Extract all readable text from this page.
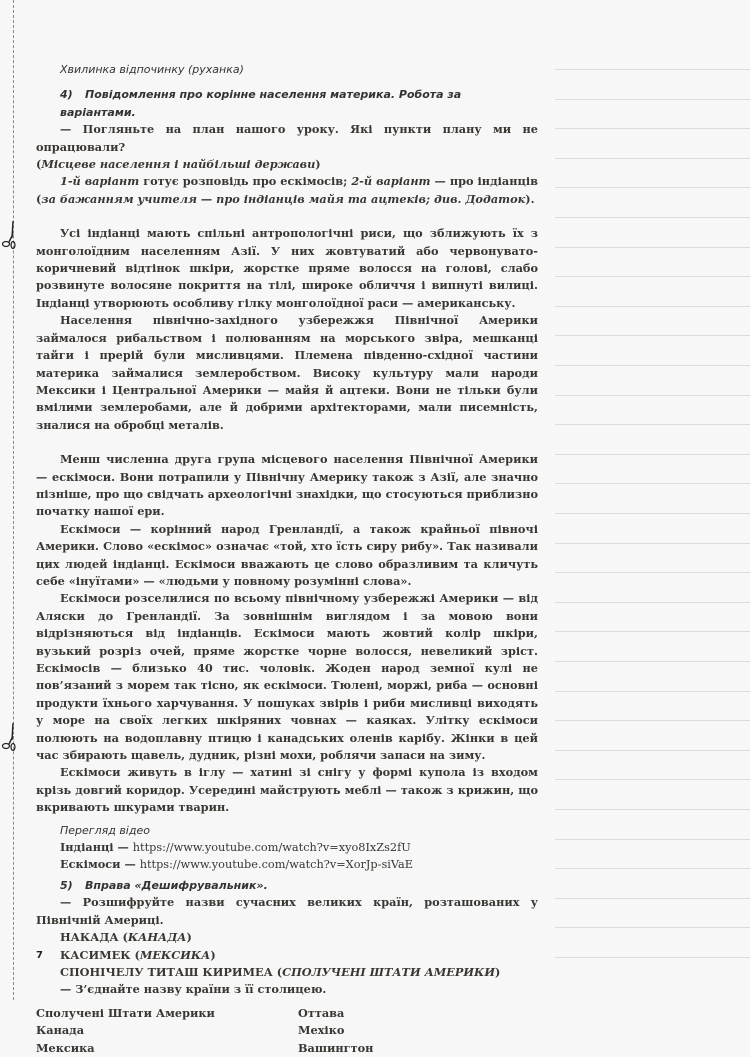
Хвилинка відпочинку (руханка)

4) Повідомлення про корінне населення материка. Робота за варіантами.

— Погляньте на план нашого уроку. Які пункти плану ми не опрацювали?

(Місцеве населення і найбільші держави)

1-й варіант готує розповідь про ескімосів; 2-й варіант — про індіанців (за бажанням учителя — про індіанців майя та ацтеків; див. Додаток).

Усі індіанці мають спільні антропологічні риси, що зближують їх з монголоїдним населенням Азії. У них жовтуватий або червонувато-коричневий відтінок шкіри, жорстке пряме волосся на голові, слабо розвинуте волосяне покриття на тілі, широке обличчя і випнуті вилиці. Індіанці утворюють особливу гілку монголоїдної раси — американську.

Населення північно-західного узбережжя Північної Америки займалося рибальством і полюванням на морського звіра, мешканці тайги і прерій були мисливцями. Племена південно-східної частини материка займалися землеробством. Високу культуру мали народи Мексики і Центральної Америки — майя й ацтеки. Вони не тільки були вмілими землеробами, але й добрими архітекторами, мали писемність, зналися на обробці металів.

Менш численна друга група місцевого населення Північної Америки — ескімоси. Вони потрапили у Північну Америку також з Азії, але значно пізніше, про що свідчать археологічні знахідки, що стосуються приблизно початку нашої ери.

Ескімоси — корінний народ Гренландії, а також крайньої півночі Америки. Слово «ескімос» означає «той, хто їсть сиру рибу». Так називали цих людей індіанці. Ескімоси вважають це слово образливим та кличуть себе «інуїтами» — «людьми у повному розумінні слова».

Ескімоси розселилися по всьому північному узбережжі Америки — від Аляски до Гренландії. За зовнішнім виглядом і за мовою вони відрізняються від індіанців. Ескімоси мають жовтий колір шкіри, вузький розріз очей, пряме жорстке чорне волосся, невеликий зріст. Ескімосів — близько 40 тис. чоловік. Жоден народ земної кулі не пов’язаний з морем так тісно, як ескімоси. Тюлені, моржі, риба — основні продукти їхнього харчування. У пошуках звірів і риби мисливці виходять у море на своїх легких шкіряних човнах — каяках. Улітку ескімоси полюють на водоплавну птицю і канадських оленів карібу. Жінки в цей час збирають щавель, дудник, різні мохи, роблячи запаси на зиму.

Ескімоси живуть в іглу — хатині зі снігу у формі купола із входом крізь довгий коридор. Усередині майструють меблі — також з крижин, що вкривають шкурами тварин.

Перегляд відео

Індіанці — https://www.youtube.com/watch?v=xyo8IxZs2fU

Ескімоси — https://www.youtube.com/watch?v=XorJp-siVaE

5) Вправа «Дешифрувальник».

— Розшифруйте назви сучасних великих країн, розташованих у Північній Америці.

НАКАДА (КАНАДА)

КАСИМЕК (МЕКСИКА)

СПОНІЧЕЛУ ТИТАШ КИРИМЕА (СПОЛУЧЕНІ ШТАТИ АМЕРИКИ)

— З’єднайте назву країни з її столицею.

Сполучені Штати Америки	Оттава
Канада	Мехіко
Мексика	Вашингтон
7
